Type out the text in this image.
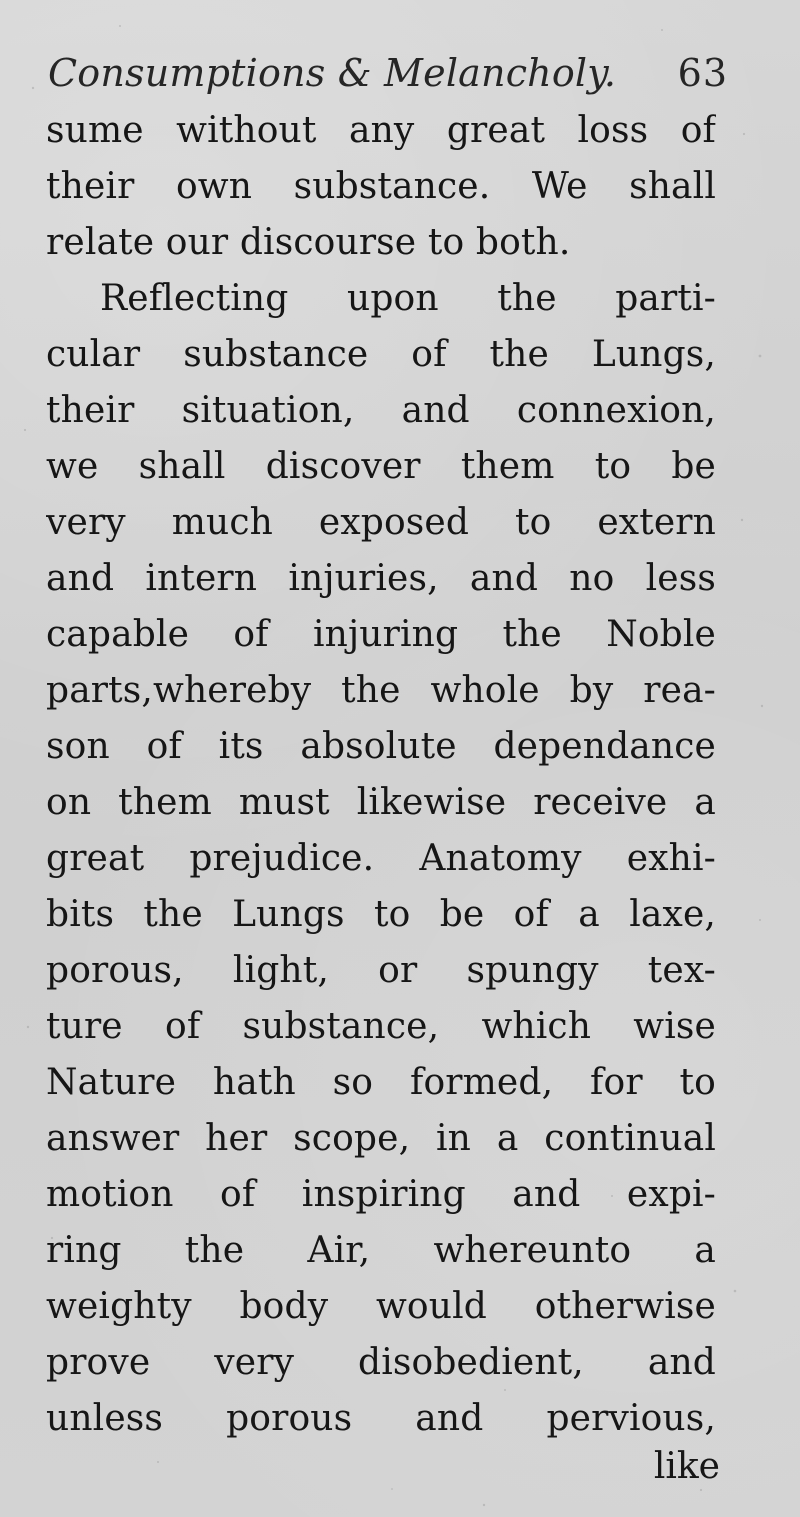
Consumptions & Melancholy. 63
sume without any great loss of
their own substance. We shall
relate our discourse to both.
Reflecting upon the parti-
cular substance of the Lungs,
their situation, and connexion,
we shall discover them to be
very much exposed to extern
and intern injuries, and no less
capable of injuring the Noble
parts,whereby the whole by rea-
son of its absolute dependance
on them must likewise receive a
great prejudice. Anatomy exhi-
bits the Lungs to be of a laxe,
porous, light, or spungy tex-
ture of substance, which wise
Nature hath so formed, for to
answer her scope, in a continual
motion of inspiring and expi-
ring the Air, whereunto a
weighty body would otherwise
prove very disobedient, and
unless porous and pervious,
like
